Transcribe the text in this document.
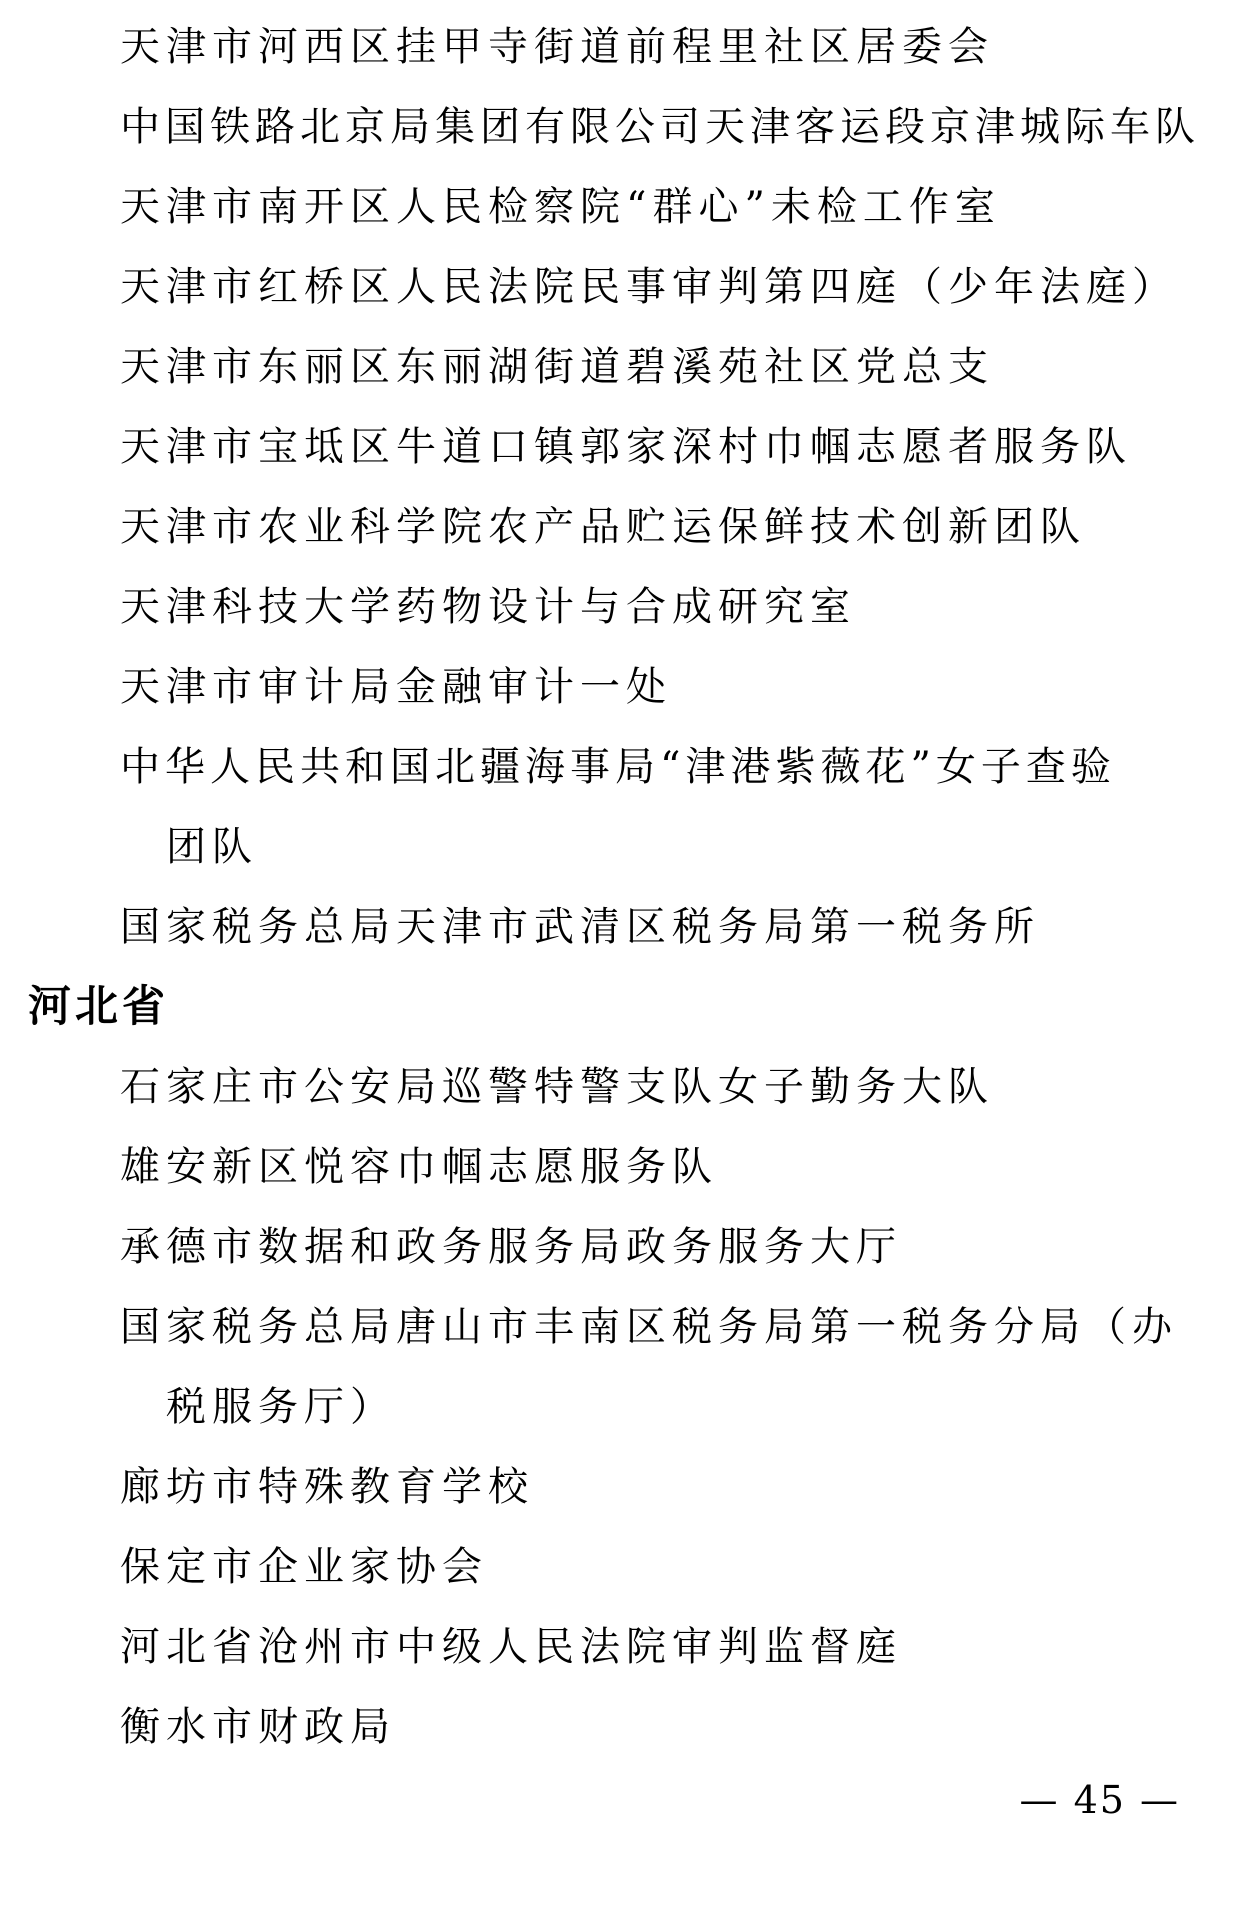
天津市河西区挂甲寺街道前程里社区居委会
中国铁路北京局集团有限公司天津客运段京津城际车队
天津市南开区人民检察院“群心”未检工作室
天津市红桥区人民法院民事审判第四庭（少年法庭）
天津市东丽区东丽湖街道碧溪苑社区党总支
天津市宝坻区牛道口镇郭家深村巾帼志愿者服务队
天津市农业科学院农产品贮运保鲜技术创新团队
天津科技大学药物设计与合成研究室
天津市审计局金融审计一处
中华人民共和国北疆海事局“津港紫薇花”女子查验
团队
国家税务总局天津市武清区税务局第一税务所
河北省
石家庄市公安局巡警特警支队女子勤务大队
雄安新区悦容巾帼志愿服务队
承德市数据和政务服务局政务服务大厅
国家税务总局唐山市丰南区税务局第一税务分局（办
税服务厅）
廊坊市特殊教育学校
保定市企业家协会
河北省沧州市中级人民法院审判监督庭
衡水市财政局
— 45 —
